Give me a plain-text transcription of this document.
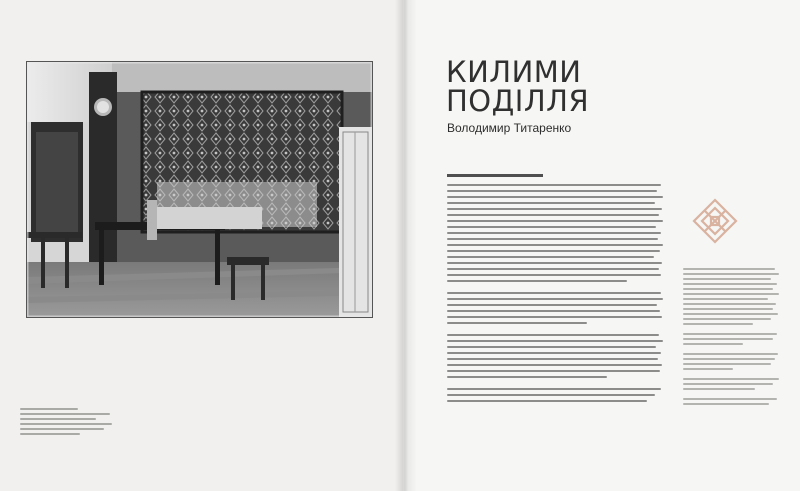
КИЛИМИ
ПОДІЛЛЯ

Володимир Титаренко
